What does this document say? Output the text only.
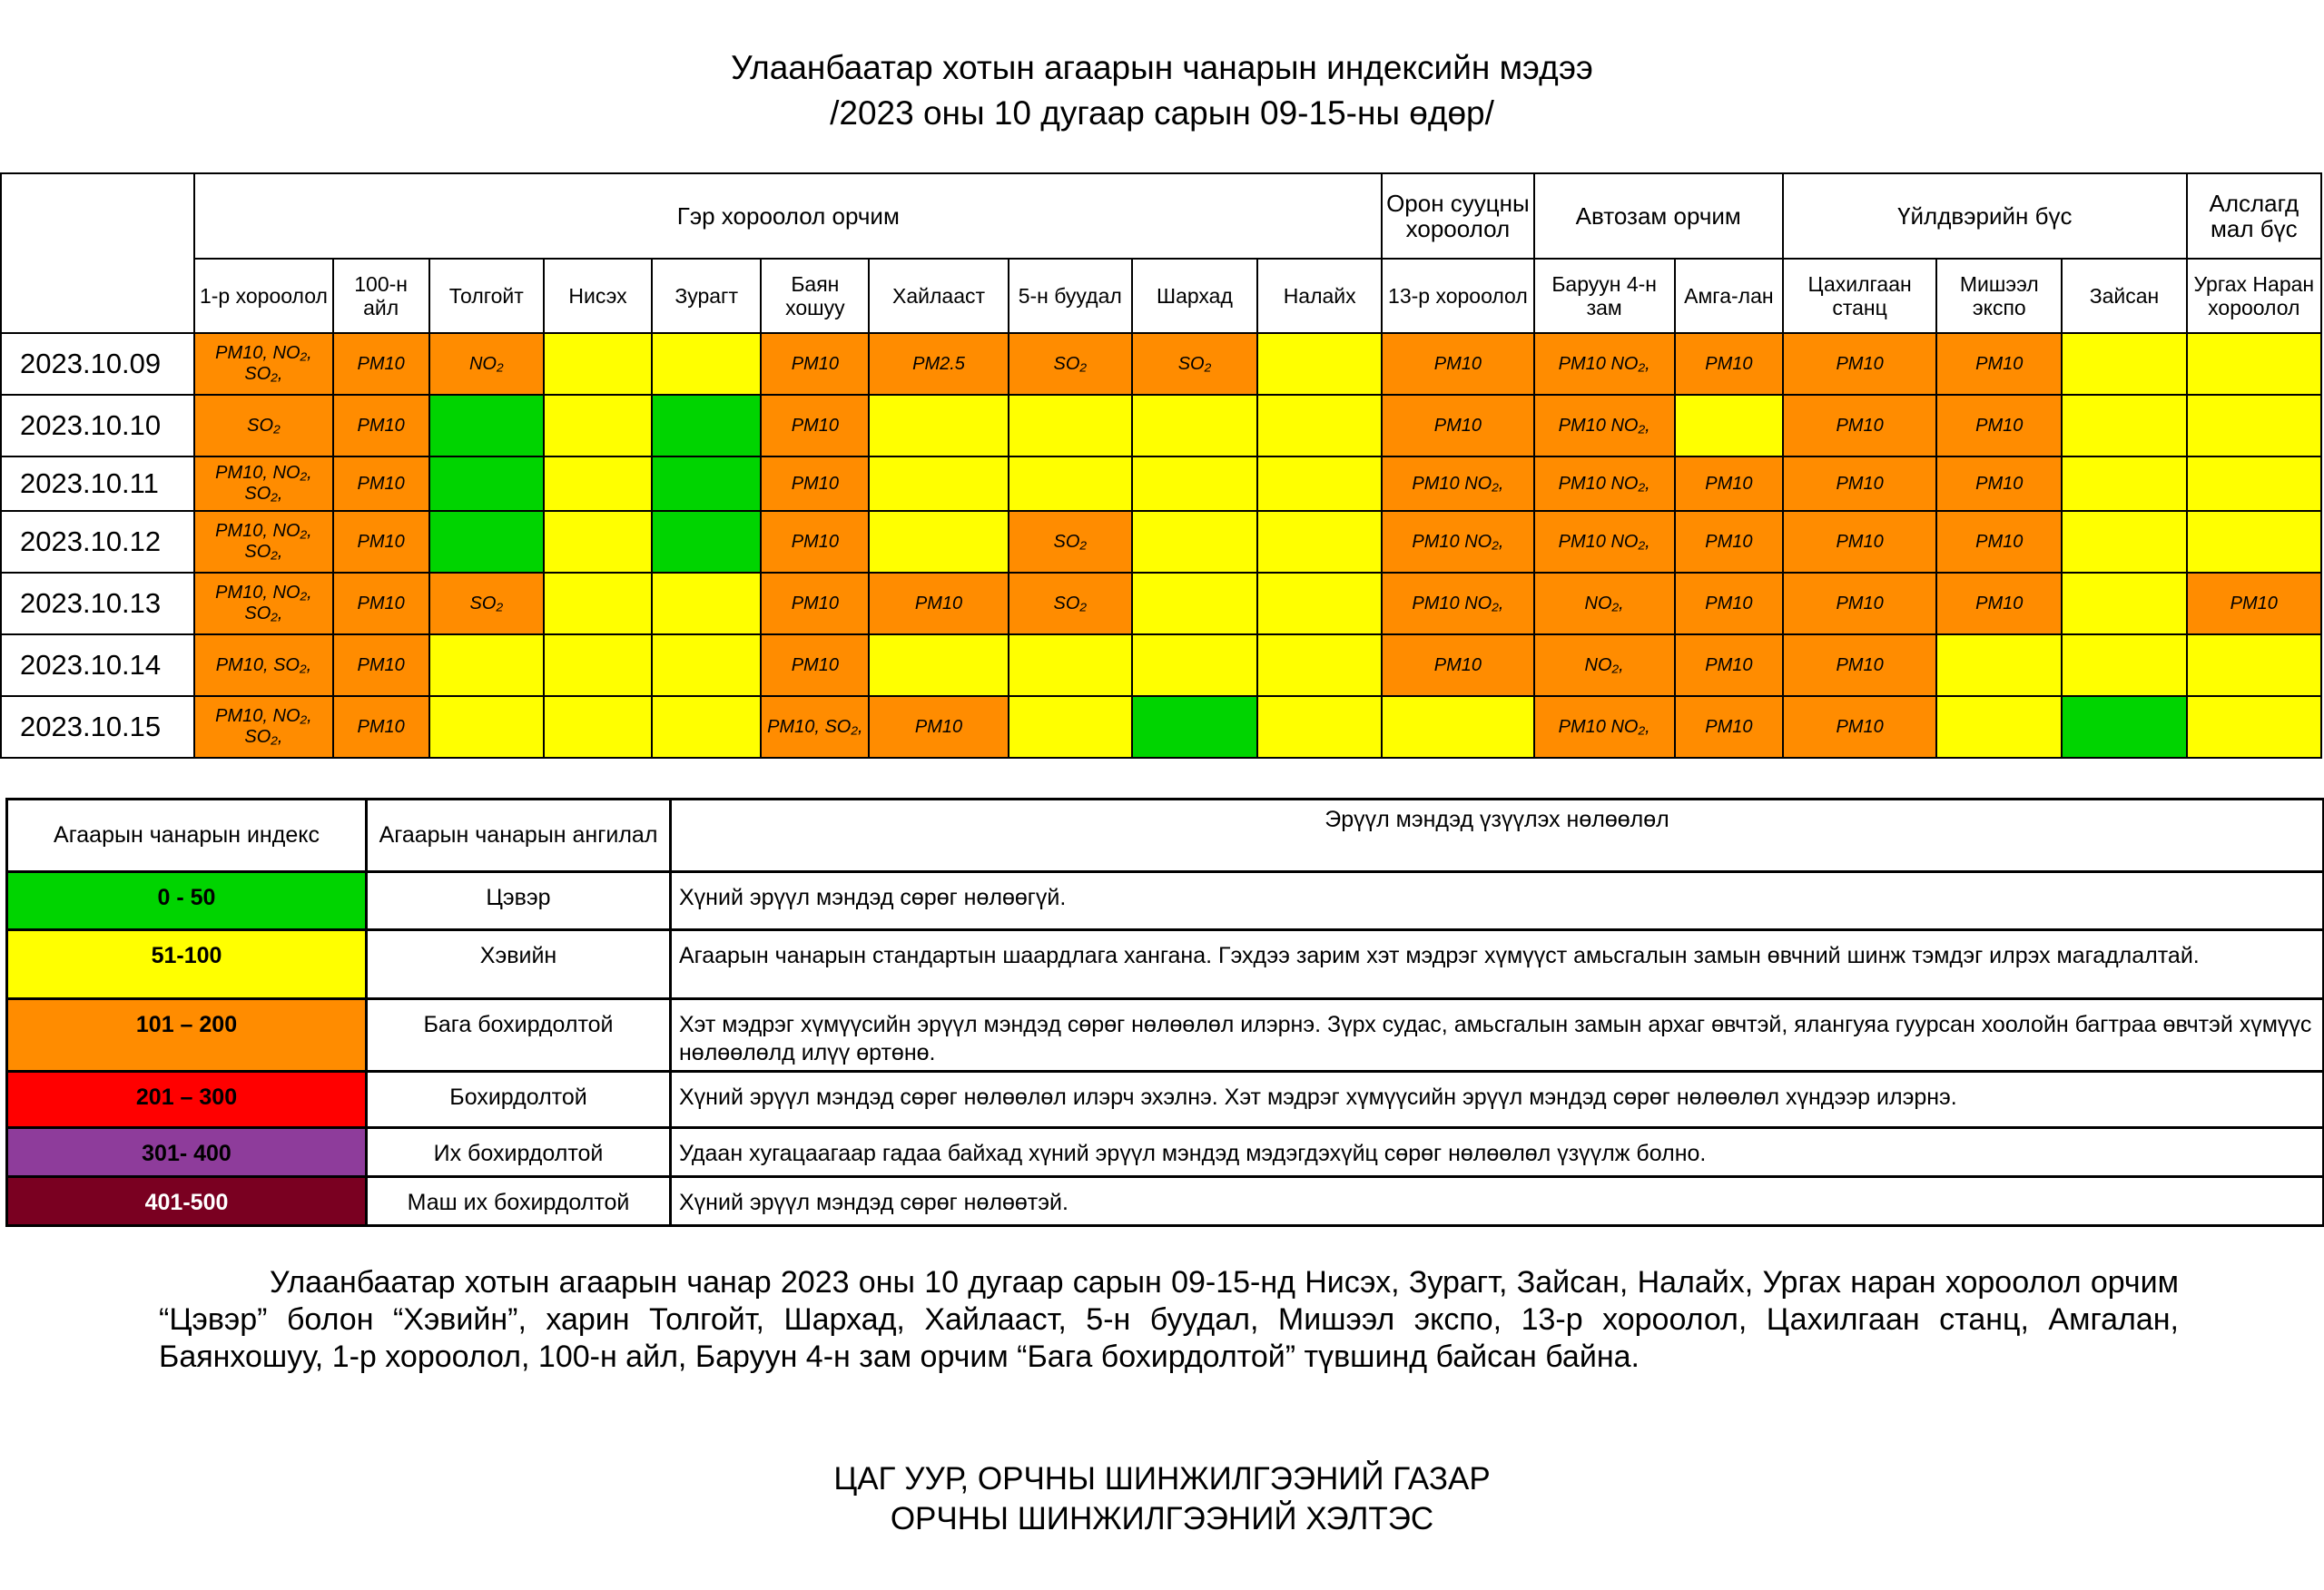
Улаанбаатар хотын агаарын чанарын индексийн мэдээ
/2023 оны 10 дугаар сарын 09-15-ны өдөр/
	Гэр хороолол орчим										Орон сууцны хороолол	Автозам орчим		Үйлдвэрийн бүс			Алслагд мал бүс
	1-р хороолол	100-н айл	Толгойт	Нисэх	Зурагт	Баян хошуу	Хайлааст	5-н буудал	Шархад	Налайх	13-р хороолол	Баруун 4-н зам	Амга-лан	Цахилгаан станц	Мишээл экспо	Зайсан	Ургах Наран хороолол
2023.10.09	PM10, NO₂, SO₂,	PM10	NO₂			PM10	PM2.5	SO₂	SO₂		PM10	PM10 NO₂,	PM10	PM10	PM10		
2023.10.10	SO₂	PM10				PM10					PM10	PM10 NO₂,		PM10	PM10		
2023.10.11	PM10, NO₂, SO₂,	PM10				PM10					PM10 NO₂,	PM10 NO₂,	PM10	PM10	PM10		
2023.10.12	PM10, NO₂, SO₂,	PM10				PM10		SO₂			PM10 NO₂,	PM10 NO₂,	PM10	PM10	PM10		
2023.10.13	PM10, NO₂, SO₂,	PM10	SO₂			PM10	PM10	SO₂			PM10 NO₂,	NO₂,	PM10	PM10	PM10		PM10
2023.10.14	PM10, SO₂,	PM10				PM10					PM10	NO₂,	PM10	PM10			
2023.10.15	PM10, NO₂, SO₂,	PM10				PM10, SO₂,	PM10					PM10 NO₂,	PM10	PM10			
Агаарын чанарын индекс	Агаарын чанарын ангилал	Эрүүл мэндэд үзүүлэх нөлөөлөл
0 - 50	Цэвэр	Хүний эрүүл мэндэд сөрөг нөлөөгүй.
51-100	Хэвийн	Агаарын чанарын стандартын шаардлага хангана. Гэхдээ зарим хэт мэдрэг хүмүүст амьсгалын замын өвчний шинж тэмдэг илрэх магадлалтай.
101 – 200	Бага бохирдолтой	Хэт мэдрэг хүмүүсийн эрүүл мэндэд сөрөг нөлөөлөл илэрнэ. Зүрх судас, амьсгалын замын архаг өвчтэй, ялангуяа гуурсан хоолойн багтраа өвчтэй хүмүүс нөлөөлөлд илүү өртөнө.
201 – 300	Бохирдолтой	Хүний эрүүл мэндэд сөрөг нөлөөлөл илэрч эхэлнэ. Хэт мэдрэг хүмүүсийн эрүүл мэндэд сөрөг нөлөөлөл хүндээр илэрнэ.
301- 400	Их бохирдолтой	Удаан хугацаагаар гадаа байхад хүний эрүүл мэндэд мэдэгдэхүйц сөрөг нөлөөлөл үзүүлж болно.
401-500	Маш их бохирдолтой	Хүний эрүүл мэндэд сөрөг нөлөөтэй.
Улаанбаатар хотын агаарын чанар 2023 оны 10 дугаар сарын 09-15-нд Нисэх, Зурагт, Зайсан, Налайх, Ургах наран хороолол орчим “Цэвэр” болон “Хэвийн”, харин Толгойт, Шархад, Хайлааст, 5-н буудал, Мишээл экспо, 13-р хороолол, Цахилгаан станц, Амгалан, Баянхошуу, 1-р хороолол, 100-н айл, Баруун 4-н зам орчим “Бага бохирдолтой” түвшинд байсан байна.
ЦАГ УУР, ОРЧНЫ ШИНЖИЛГЭЭНИЙ ГАЗАР
ОРЧНЫ ШИНЖИЛГЭЭНИЙ ХЭЛТЭС
